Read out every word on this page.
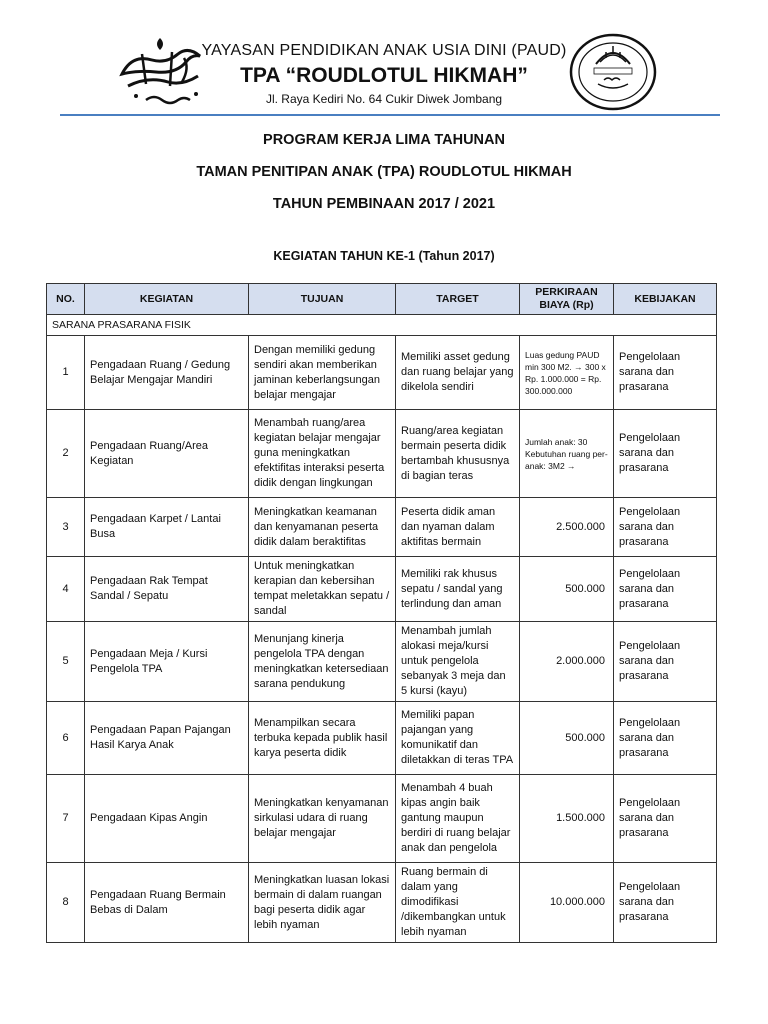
YAYASAN PENDIDIKAN ANAK USIA DINI (PAUD)
TPA “ROUDLOTUL HIKMAH”
Jl. Raya Kediri No. 64 Cukir Diwek Jombang
PROGRAM KERJA LIMA TAHUNAN
TAMAN PENITIPAN ANAK (TPA) ROUDLOTUL HIKMAH
TAHUN PEMBINAAN 2017 / 2021
KEGIATAN TAHUN KE-1 (Tahun 2017)
NO.	KEGIATAN	TUJUAN	TARGET	PERKIRAAN BIAYA (Rp)	KEBIJAKAN
SARANA PRASARANA FISIK					
1	Pengadaan Ruang / Gedung Belajar Mengajar Mandiri	Dengan memiliki gedung sendiri akan memberikan jaminan keberlangsungan belajar mengajar	Memiliki asset gedung dan ruang belajar yang dikelola sendiri	Luas gedung PAUD min 300 M2. → 300 x Rp. 1.000.000 = Rp. 300.000.000	Pengelolaan sarana dan prasarana
2	Pengadaan Ruang/Area Kegiatan	Menambah ruang/area kegiatan belajar mengajar guna meningkatkan efektifitas interaksi peserta didik dengan lingkungan	Ruang/area kegiatan bermain peserta didik bertambah khususnya di bagian teras	Jumlah anak: 30 Kebutuhan ruang per-anak: 3M2 →	Pengelolaan sarana dan prasarana
3	Pengadaan Karpet / Lantai Busa	Meningkatkan keamanan dan kenyamanan peserta didik dalam beraktifitas	Peserta didik aman dan nyaman dalam aktifitas bermain	2.500.000	Pengelolaan sarana dan prasarana
4	Pengadaan Rak Tempat Sandal / Sepatu	Untuk meningkatkan kerapian dan kebersihan tempat meletakkan sepatu / sandal	Memiliki rak khusus sepatu / sandal yang terlindung dan aman	500.000	Pengelolaan sarana dan prasarana
5	Pengadaan Meja / Kursi Pengelola TPA	Menunjang kinerja pengelola TPA dengan meningkatkan ketersediaan sarana pendukung	Menambah jumlah alokasi meja/kursi untuk pengelola sebanyak 3 meja dan 5 kursi (kayu)	2.000.000	Pengelolaan sarana dan prasarana
6	Pengadaan Papan Pajangan Hasil Karya Anak	Menampilkan secara terbuka kepada publik hasil karya peserta didik	Memiliki papan pajangan yang komunikatif dan diletakkan di teras TPA	500.000	Pengelolaan sarana dan prasarana
7	Pengadaan Kipas Angin	Meningkatkan kenyamanan sirkulasi udara di ruang belajar mengajar	Menambah 4 buah kipas angin baik gantung maupun berdiri di ruang belajar anak dan pengelola	1.500.000	Pengelolaan sarana dan prasarana
8	Pengadaan Ruang Bermain Bebas di Dalam	Meningkatkan luasan lokasi bermain di dalam ruangan bagi peserta didik agar lebih nyaman	Ruang bermain di dalam yang dimodifikasi /dikembangkan untuk lebih nyaman	10.000.000	Pengelolaan sarana dan prasarana
